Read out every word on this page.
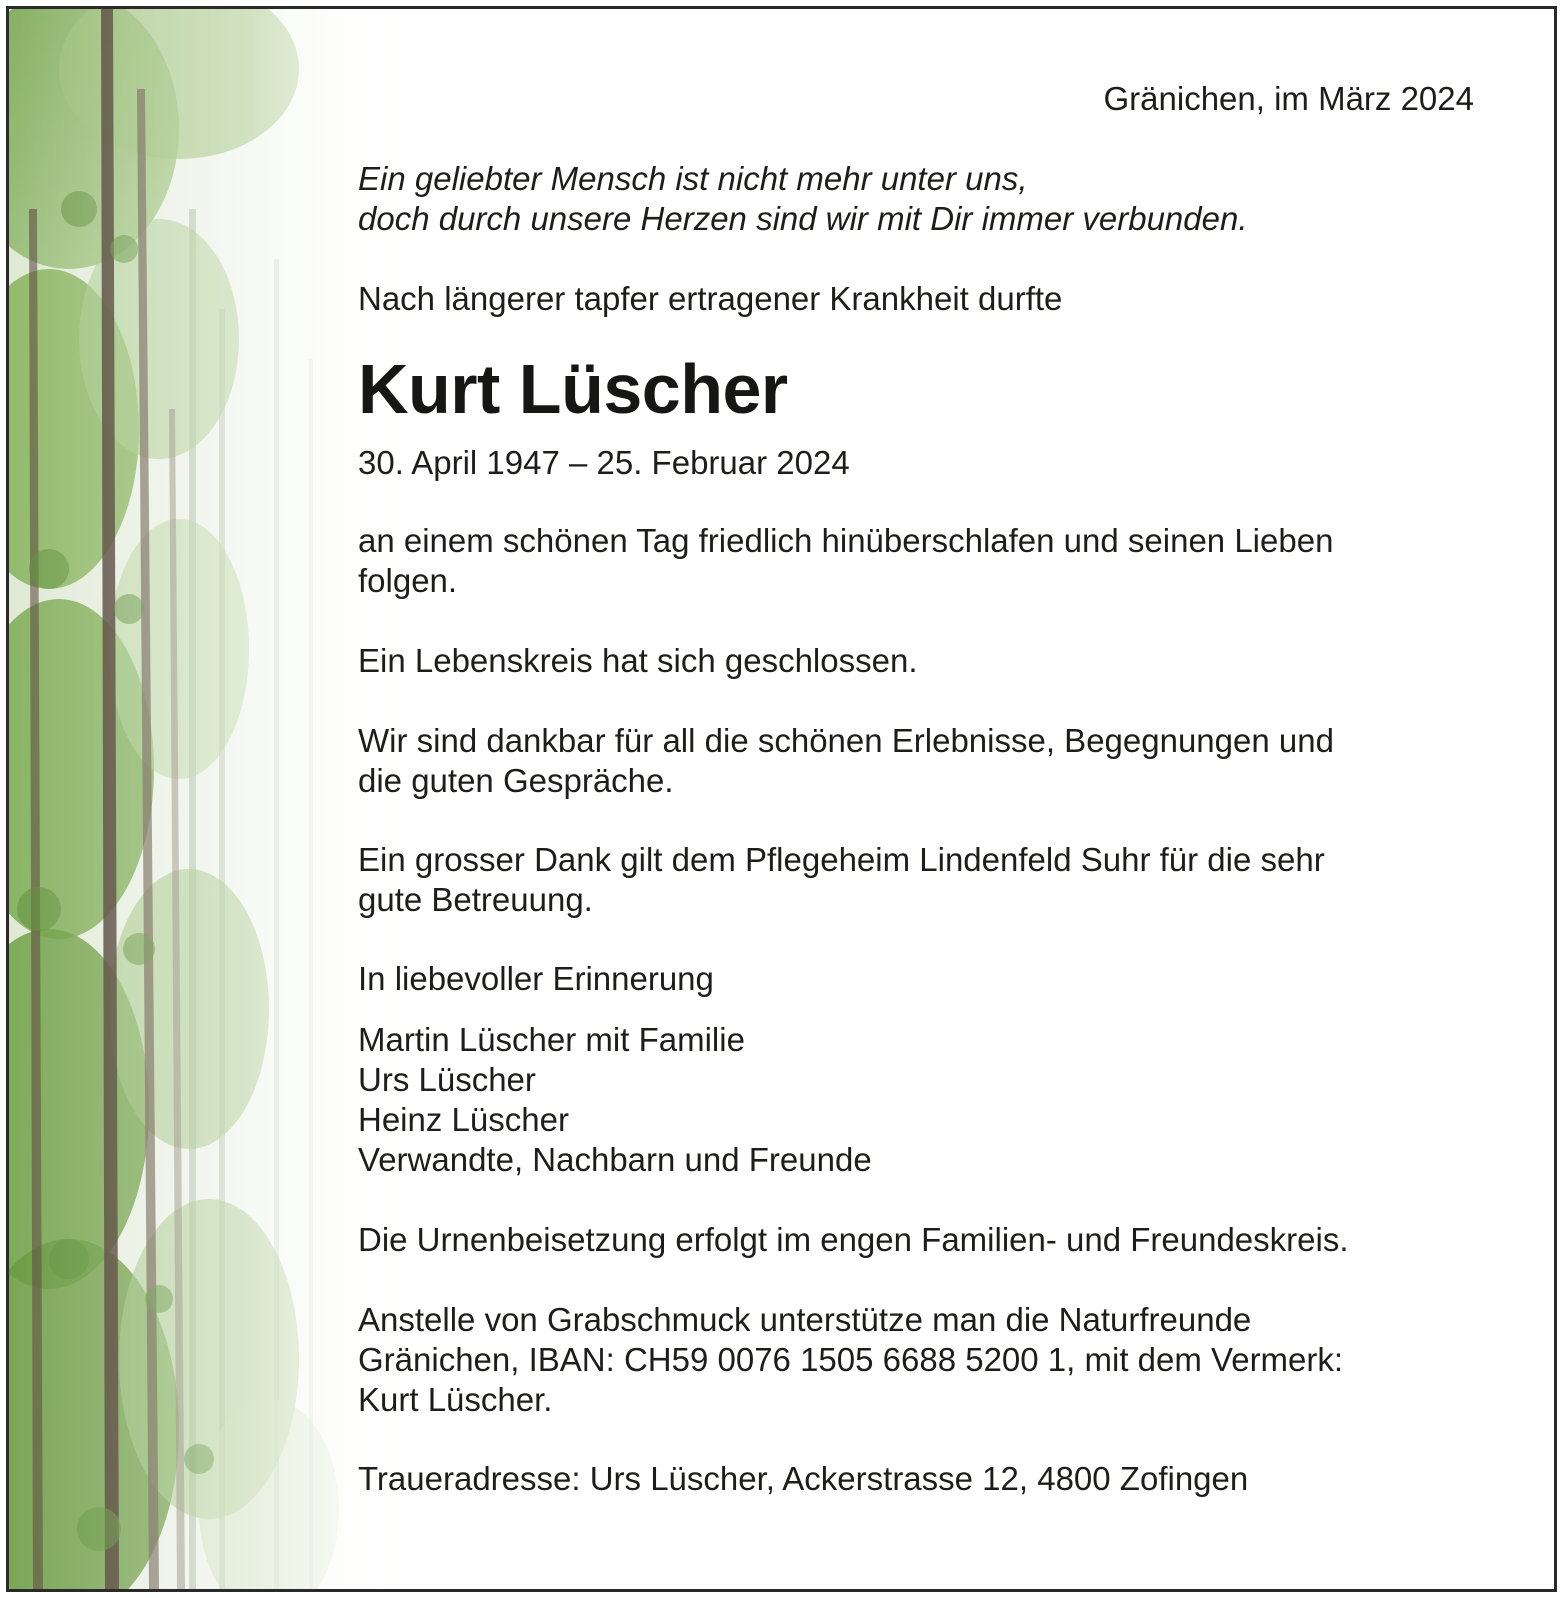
Gränichen, im März 2024

Ein geliebter Mensch ist nicht mehr unter uns,
doch durch unsere Herzen sind wir mit Dir immer verbunden.

Nach längerer tapfer ertragener Krankheit durfte

Kurt Lüscher

30. April 1947 – 25. Februar 2024

an einem schönen Tag friedlich hinüberschlafen und seinen Lieben
folgen.

Ein Lebenskreis hat sich geschlossen.

Wir sind dankbar für all die schönen Erlebnisse, Begegnungen und
die guten Gespräche.

Ein grosser Dank gilt dem Pflegeheim Lindenfeld Suhr für die sehr
gute Betreuung.

In liebevoller Erinnerung

Martin Lüscher mit Familie
Urs Lüscher
Heinz Lüscher
Verwandte, Nachbarn und Freunde

Die Urnenbeisetzung erfolgt im engen Familien- und Freundeskreis.

Anstelle von Grabschmuck unterstütze man die Naturfreunde
Gränichen, IBAN: CH59 0076 1505 6688 5200 1, mit dem Vermerk:
Kurt Lüscher.

Traueradresse: Urs Lüscher, Ackerstrasse 12, 4800 Zofingen
